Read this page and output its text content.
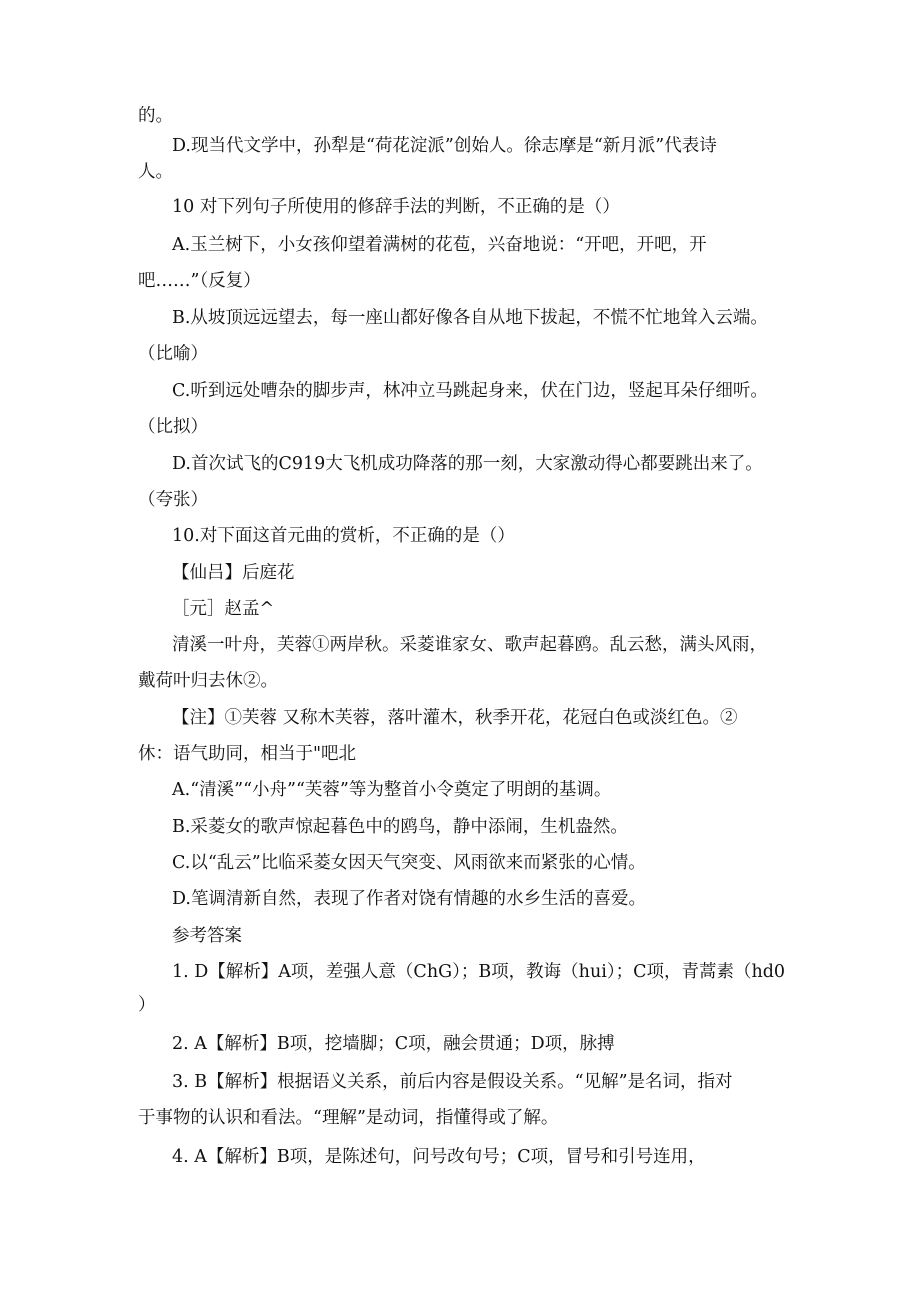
的。
D.现当代文学中，孙犁是“荷花淀派”创始人。徐志摩是“新月派”代表诗
人。
10 对下列句子所使用的修辞手法的判断，不正确的是（）
A.玉兰树下，小女孩仰望着满树的花苞，兴奋地说：“开吧，开吧，开
吧……”（反复）
B.从坡顶远远望去，每一座山都好像各自从地下拔起，不慌不忙地耸入云端。
（比喻）
C.听到远处嘈杂的脚步声，林冲立马跳起身来，伏在门边，竖起耳朵仔细听。
（比拟）
D.首次试飞的C919大飞机成功降落的那一刻，大家激动得心都要跳出来了。
（夸张）
10.对下面这首元曲的赏析，不正确的是（）
【仙吕】后庭花
［元］赵孟^
清溪一叶舟，芙蓉①两岸秋。采菱谁家女、歌声起暮鸥。乱云愁，满头风雨，
戴荷叶归去休②。
【注】①芙蓉 又称木芙蓉，落叶灌木，秋季开花，花冠白色或淡红色。②
休：语气助同，相当于"吧北
A.“清溪”“小舟”“芙蓉”等为整首小令奠定了明朗的基调。
B.采菱女的歌声惊起暮色中的鸥鸟，静中添闹，生机盎然。
C.以“乱云”比临采菱女因天气突变、风雨欲来而紧张的心情。
D.笔调清新自然，表现了作者对饶有情趣的水乡生活的喜爱。
参考答案
1. D【解析】A项，差强人意（ChG）；B项，教诲（hui）；C项，青蒿素（hd0
）
2. A【解析】B项，挖墙脚；C项，融会贯通；D项，脉搏
3. B【解析】根据语义关系，前后内容是假设关系。“见解”是名词，指对
于事物的认识和看法。“理解”是动词，指懂得或了解。
4. A【解析】B项，是陈述句，问号改句号；C项，冒号和引号连用，
